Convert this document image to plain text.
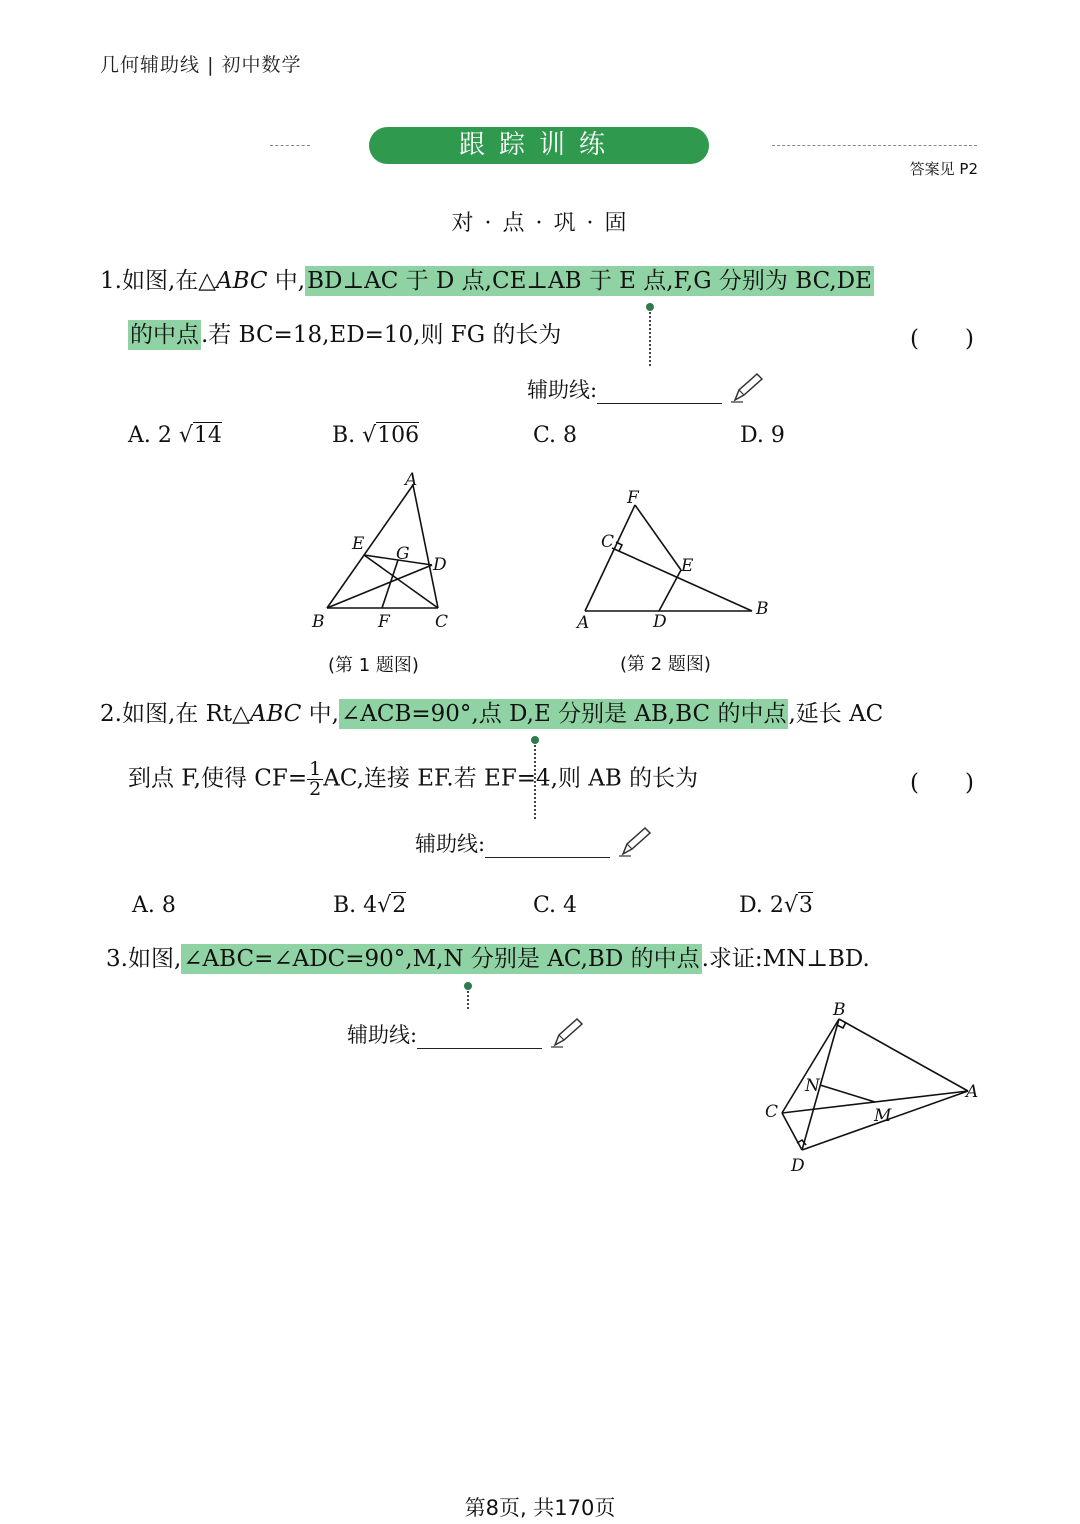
几何辅助线 | 初中数学
跟踪训练
答案见 P2
对 · 点 · 巩 · 固
1.如图,在△ABC 中,BD⊥AC 于 D 点,CE⊥AB 于 E 点,F,G 分别为 BC,DE
的中点.若 BC=18,ED=10,则 FG 的长为	(　　)
辅助线:
A. 2 √14	B. √106	C. 8	D. 9
A
B	C
D
E
F
G
(第 1 题图)
F
C
E
B
A	D
(第 2 题图)
2.如图,在 Rt△ABC 中,∠ACB=90°,点 D,E 分别是 AB,BC 的中点,延长 AC
到点 F,使得 $CF= \frac{1}{2}$ AC,连接 EF.若 EF=4,则 AB 的长为	(　　)
辅助线:
A. 8	B. 4√2	C. 4	D. 2√3
3.如图,∠ABC=∠ADC=90°,M,N 分别是 AC,BD 的中点.求证:MN⊥BD.
辅助线:
B
A
C
D
M
N
第8页, 共170页
